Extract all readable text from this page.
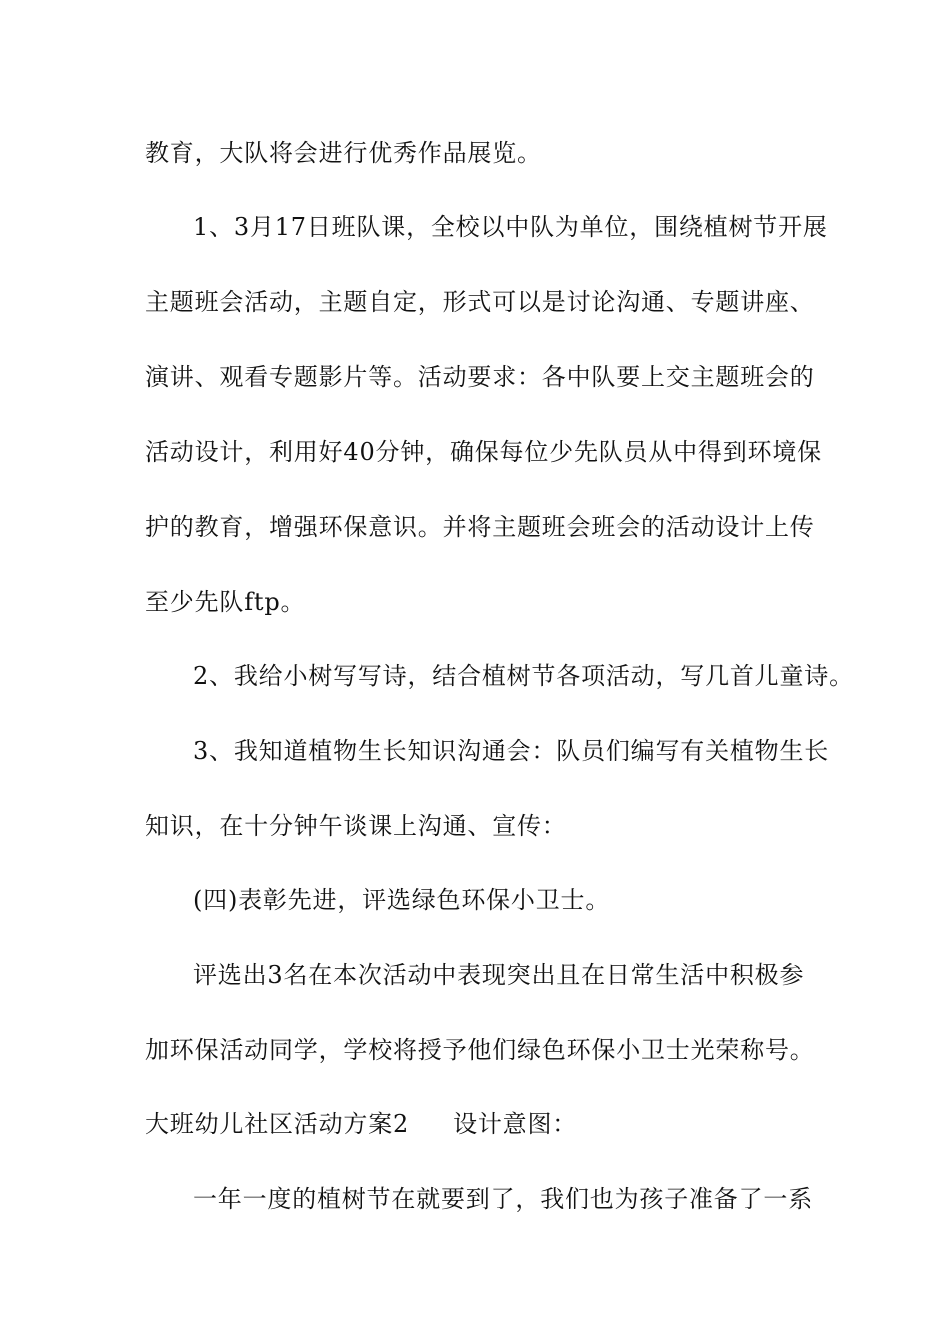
教育，大队将会进行优秀作品展览。
1、3月17日班队课，全校以中队为单位，围绕植树节开展
主题班会活动，主题自定，形式可以是讨论沟通、专题讲座、
演讲、观看专题影片等。活动要求：各中队要上交主题班会的
活动设计，利用好40分钟，确保每位少先队员从中得到环境保
护的教育，增强环保意识。并将主题班会班会的活动设计上传
至少先队ftp。
2、我给小树写写诗，结合植树节各项活动，写几首儿童诗。
3、我知道植物生长知识沟通会：队员们编写有关植物生长
知识，在十分钟午谈课上沟通、宣传：
(四)表彰先进，评选绿色环保小卫士。
评选出3名在本次活动中表现突出且在日常生活中积极参
加环保活动同学，学校将授予他们绿色环保小卫士光荣称号。
大班幼儿社区活动方案2 设计意图：
一年一度的植树节在就要到了，我们也为孩子准备了一系
